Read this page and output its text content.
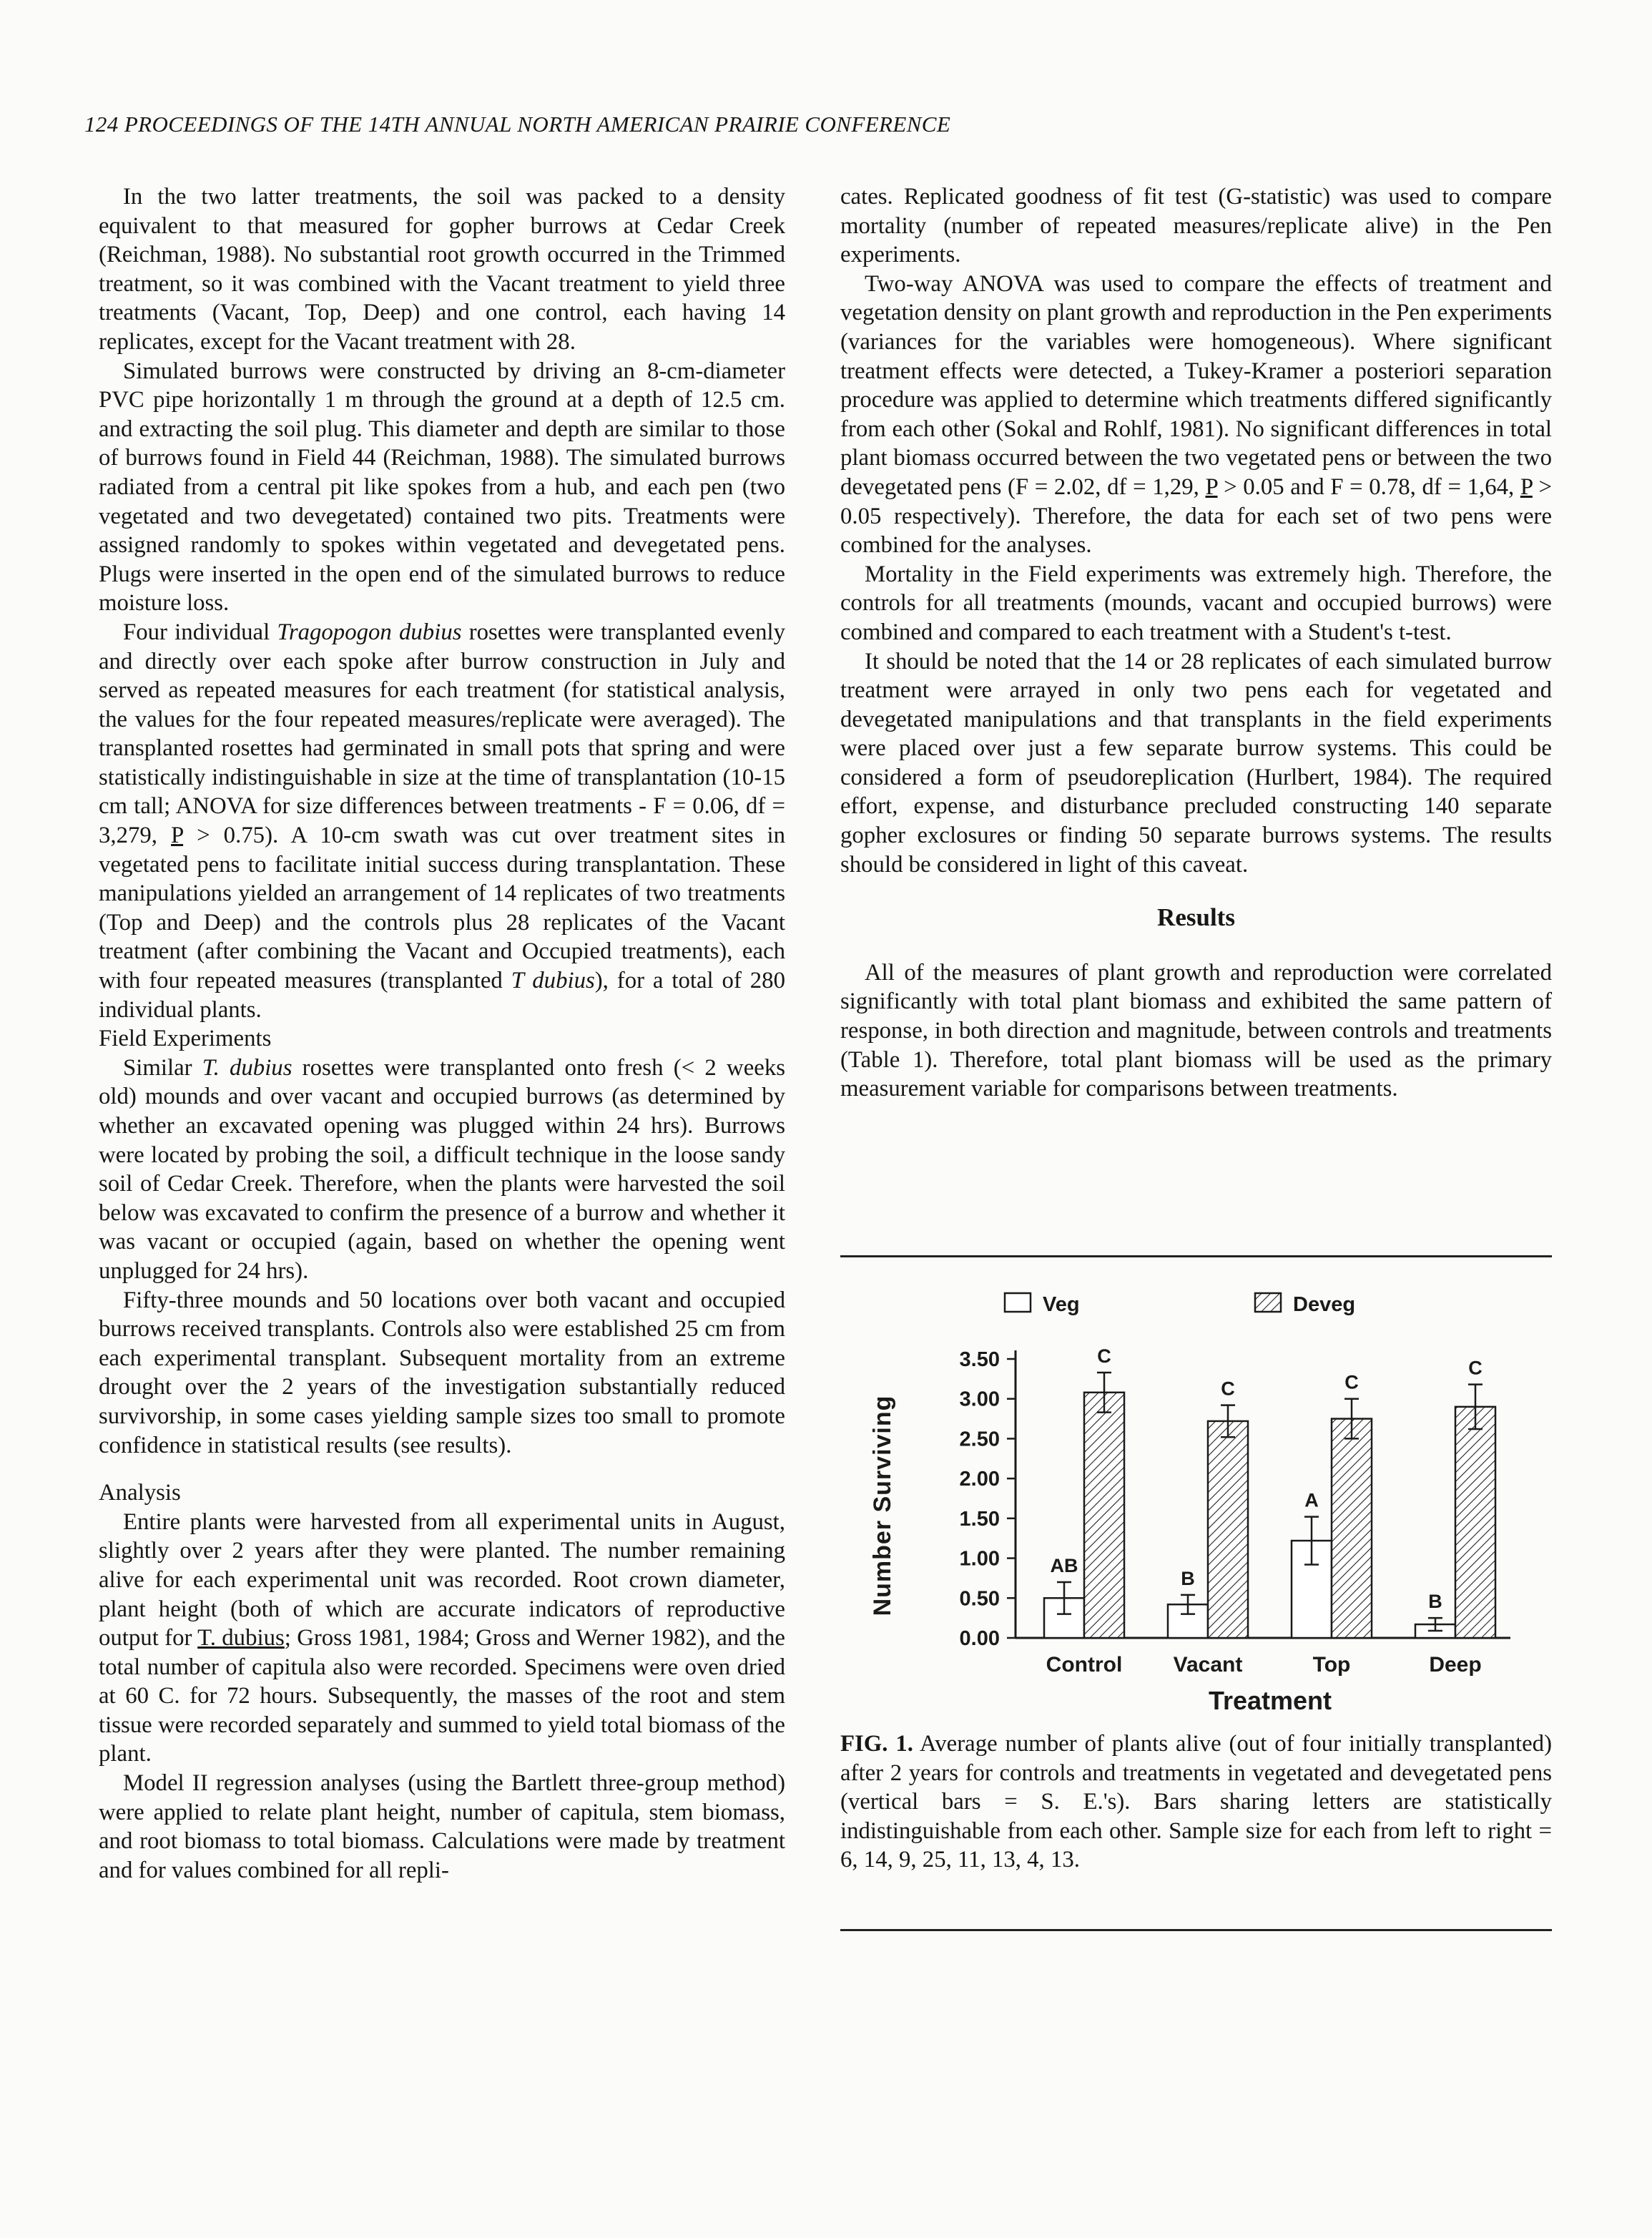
124 PROCEEDINGS OF THE 14TH ANNUAL NORTH AMERICAN PRAIRIE CONFERENCE

In the two latter treatments, the soil was packed to a density equivalent to that measured for gopher burrows at Cedar Creek (Reichman, 1988). No substantial root growth occurred in the Trimmed treatment, so it was combined with the Vacant treatment to yield three treatments (Vacant, Top, Deep) and one control, each having 14 replicates, except for the Vacant treatment with 28.

Simulated burrows were constructed by driving an 8-cm-diameter PVC pipe horizontally 1 m through the ground at a depth of 12.5 cm. and extracting the soil plug. This diameter and depth are similar to those of burrows found in Field 44 (Reichman, 1988). The simulated burrows radiated from a central pit like spokes from a hub, and each pen (two vegetated and two devegetated) contained two pits. Treatments were assigned randomly to spokes within vegetated and devegetated pens. Plugs were inserted in the open end of the simulated burrows to reduce moisture loss.

Four individual Tragopogon dubius rosettes were transplanted evenly and directly over each spoke after burrow construction in July and served as repeated measures for each treatment (for statistical analysis, the values for the four repeated measures/replicate were averaged). The transplanted rosettes had germinated in small pots that spring and were statistically indistinguishable in size at the time of transplantation (10-15 cm tall; ANOVA for size differences between treatments - F = 0.06, df = 3,279, P > 0.75). A 10-cm swath was cut over treatment sites in vegetated pens to facilitate initial success during transplantation. These manipulations yielded an arrangement of 14 replicates of two treatments (Top and Deep) and the controls plus 28 replicates of the Vacant treatment (after combining the Vacant and Occupied treatments), each with four repeated measures (transplanted T dubius), for a total of 280 individual plants.

Field Experiments

Similar T. dubius rosettes were transplanted onto fresh (< 2 weeks old) mounds and over vacant and occupied burrows (as determined by whether an excavated opening was plugged within 24 hrs). Burrows were located by probing the soil, a difficult technique in the loose sandy soil of Cedar Creek. Therefore, when the plants were harvested the soil below was excavated to confirm the presence of a burrow and whether it was vacant or occupied (again, based on whether the opening went unplugged for 24 hrs).

Fifty-three mounds and 50 locations over both vacant and occupied burrows received transplants. Controls also were established 25 cm from each experimental transplant. Subsequent mortality from an extreme drought over the 2 years of the investigation substantially reduced survivorship, in some cases yielding sample sizes too small to promote confidence in statistical results (see results).

Analysis

Entire plants were harvested from all experimental units in August, slightly over 2 years after they were planted. The number remaining alive for each experimental unit was recorded. Root crown diameter, plant height (both of which are accurate indicators of reproductive output for T. dubius; Gross 1981, 1984; Gross and Werner 1982), and the total number of capitula also were recorded. Specimens were oven dried at 60 C. for 72 hours. Subsequently, the masses of the root and stem tissue were recorded separately and summed to yield total biomass of the plant.

Model II regression analyses (using the Bartlett three-group method) were applied to relate plant height, number of capitula, stem biomass, and root biomass to total biomass. Calculations were made by treatment and for values combined for all repli-

cates. Replicated goodness of fit test (G-statistic) was used to compare mortality (number of repeated measures/replicate alive) in the Pen experiments.

Two-way ANOVA was used to compare the effects of treatment and vegetation density on plant growth and reproduction in the Pen experiments (variances for the variables were homogeneous). Where significant treatment effects were detected, a Tukey-Kramer a posteriori separation procedure was applied to determine which treatments differed significantly from each other (Sokal and Rohlf, 1981). No significant differences in total plant biomass occurred between the two vegetated pens or between the two devegetated pens (F = 2.02, df = 1,29, P > 0.05 and F = 0.78, df = 1,64, P > 0.05 respectively). Therefore, the data for each set of two pens were combined for the analyses.

Mortality in the Field experiments was extremely high. Therefore, the controls for all treatments (mounds, vacant and occupied burrows) were combined and compared to each treatment with a Student's t-test.

It should be noted that the 14 or 28 replicates of each simulated burrow treatment were arrayed in only two pens each for vegetated and devegetated manipulations and that transplants in the field experiments were placed over just a few separate burrow systems. This could be considered a form of pseudoreplication (Hurlbert, 1984). The required effort, expense, and disturbance precluded constructing 140 separate gopher exclosures or finding 50 separate burrows systems. The results should be considered in light of this caveat.

Results

All of the measures of plant growth and reproduction were correlated significantly with total plant biomass and exhibited the same pattern of response, in both direction and magnitude, between controls and treatments (Table 1). Therefore, total plant biomass will be used as the primary measurement variable for comparisons between treatments.

0.00
0.50
1.00
1.50
2.00
2.50
3.00
3.50
Number Surviving
Treatment
Veg	Deveg
AB
C
Control
B
C
Vacant
A
C
Top
B
C
Deep
FIG. 1. Average number of plants alive (out of four initially transplanted) after 2 years for controls and treatments in vegetated and devegetated pens (vertical bars = S. E.'s). Bars sharing letters are statistically indistinguishable from each other. Sample size for each from left to right = 6, 14, 9, 25, 11, 13, 4, 13.
